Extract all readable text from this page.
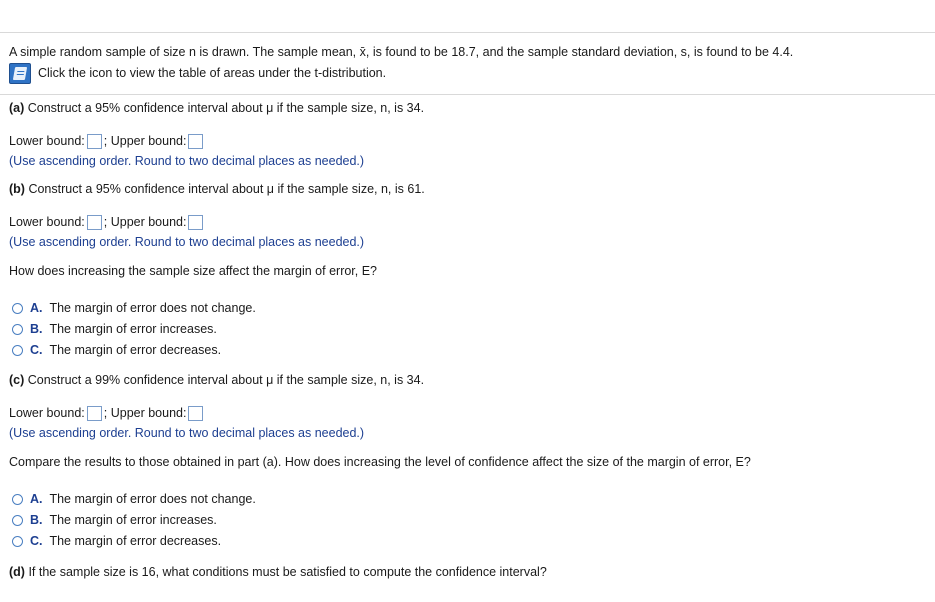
A simple random sample of size n is drawn. The sample mean, x̄, is found to be 18.7, and the sample standard deviation, s, is found to be 4.4.
Click the icon to view the table of areas under the t-distribution.
(a) Construct a 95% confidence interval about μ if the sample size, n, is 34.
Lower bound: ; Upper bound:
(Use ascending order. Round to two decimal places as needed.)
(b) Construct a 95% confidence interval about μ if the sample size, n, is 61.
Lower bound: ; Upper bound:
(Use ascending order. Round to two decimal places as needed.)
How does increasing the sample size affect the margin of error, E?
A. The margin of error does not change.
B. The margin of error increases.
C. The margin of error decreases.
(c) Construct a 99% confidence interval about μ if the sample size, n, is 34.
Lower bound: ; Upper bound:
(Use ascending order. Round to two decimal places as needed.)
Compare the results to those obtained in part (a). How does increasing the level of confidence affect the size of the margin of error, E?
A. The margin of error does not change.
B. The margin of error increases.
C. The margin of error decreases.
(d) If the sample size is 16, what conditions must be satisfied to compute the confidence interval?
